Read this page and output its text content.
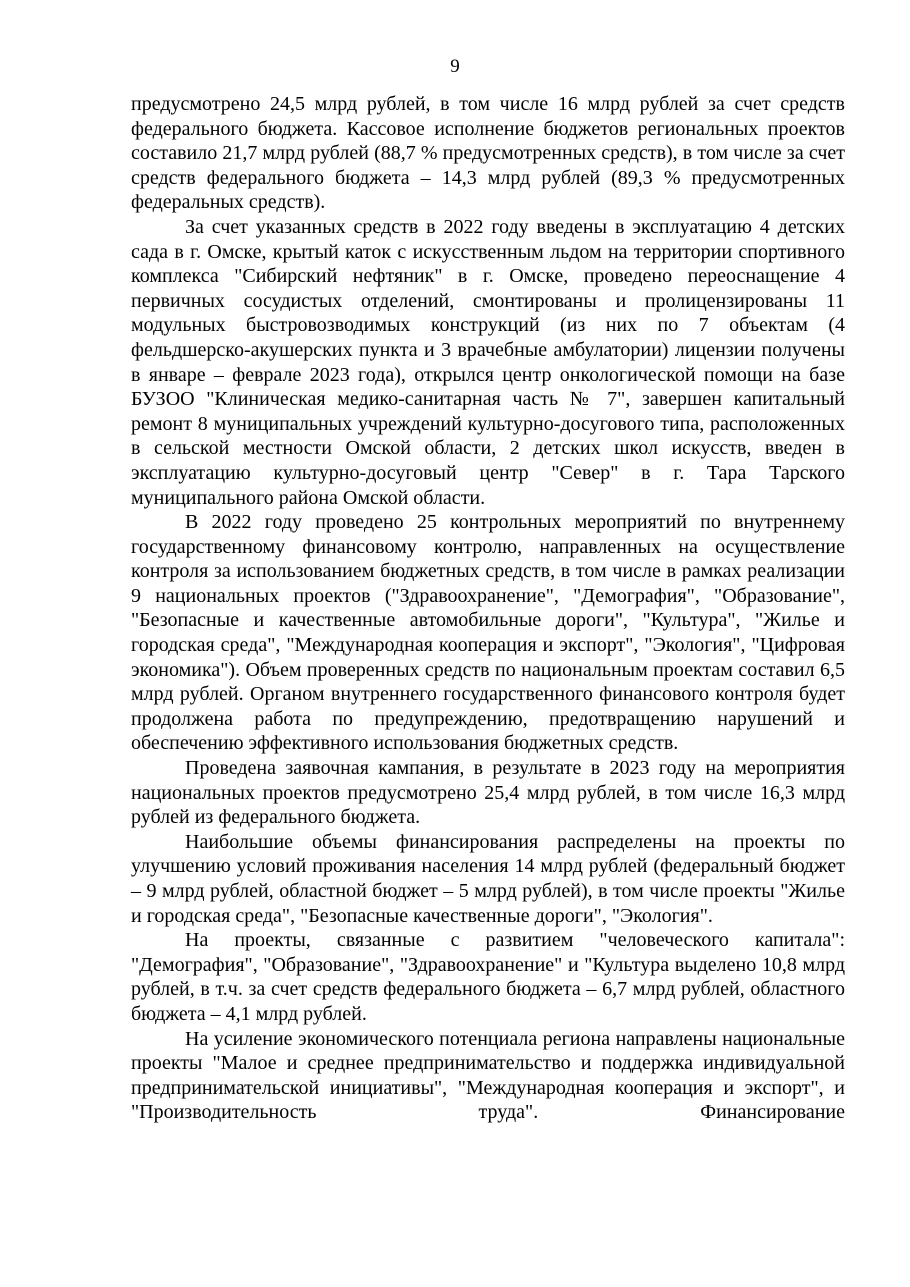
9

предусмотрено 24,5 млрд рублей, в том числе 16 млрд рублей за счет средств федерального бюджета. Кассовое исполнение бюджетов региональных проектов составило 21,7 млрд рублей (88,7 % предусмотренных средств), в том числе за счет средств федерального бюджета – 14,3 млрд рублей (89,3 % предусмотренных федеральных средств).

За счет указанных средств в 2022 году введены в эксплуатацию 4 детских сада в г. Омске, крытый каток с искусственным льдом на территории спортивного комплекса "Сибирский нефтяник" в г. Омске, проведено переоснащение 4 первичных сосудистых отделений, смонтированы и пролицензированы 11 модульных быстровозводимых конструкций (из них по 7 объектам (4 фельдшерско-акушерских пункта и 3 врачебные амбулатории) лицензии получены в январе – феврале 2023 года), открылся центр онкологической помощи на базе БУЗОО "Клиническая медико-санитарная часть № 7", завершен капитальный ремонт 8 муниципальных учреждений культурно-досугового типа, расположенных в сельской местности Омской области, 2 детских школ искусств, введен в эксплуатацию культурно-досуговый центр "Север" в г. Тара Тарского муниципального района Омской области.

В 2022 году проведено 25 контрольных мероприятий по внутреннему государственному финансовому контролю, направленных на осуществление контроля за использованием бюджетных средств, в том числе в рамках реализации 9 национальных проектов ("Здравоохранение", "Демография", "Образование", "Безопасные и качественные автомобильные дороги", "Культура", "Жилье и городская среда", "Международная кооперация и экспорт", "Экология", "Цифровая экономика"). Объем проверенных средств по национальным проектам составил 6,5 млрд рублей. Органом внутреннего государственного финансового контроля будет продолжена работа по предупреждению, предотвращению нарушений и обеспечению эффективного использования бюджетных средств.

Проведена заявочная кампания, в результате в 2023 году на мероприятия национальных проектов предусмотрено 25,4 млрд рублей, в том числе 16,3 млрд рублей из федерального бюджета.

Наибольшие объемы финансирования распределены на проекты по улучшению условий проживания населения 14 млрд рублей (федеральный бюджет – 9 млрд рублей, областной бюджет – 5 млрд рублей), в том числе проекты "Жилье и городская среда", "Безопасные качественные дороги", "Экология".

На проекты, связанные с развитием "человеческого капитала": "Демография", "Образование", "Здравоохранение" и "Культура выделено 10,8 млрд рублей, в т.ч. за счет средств федерального бюджета – 6,7 млрд рублей, областного бюджета – 4,1 млрд рублей.

На усиление экономического потенциала региона направлены национальные проекты "Малое и среднее предпринимательство и поддержка индивидуальной предпринимательской инициативы", "Международная кооперация и экспорт", и "Производительность труда". Финансирование
